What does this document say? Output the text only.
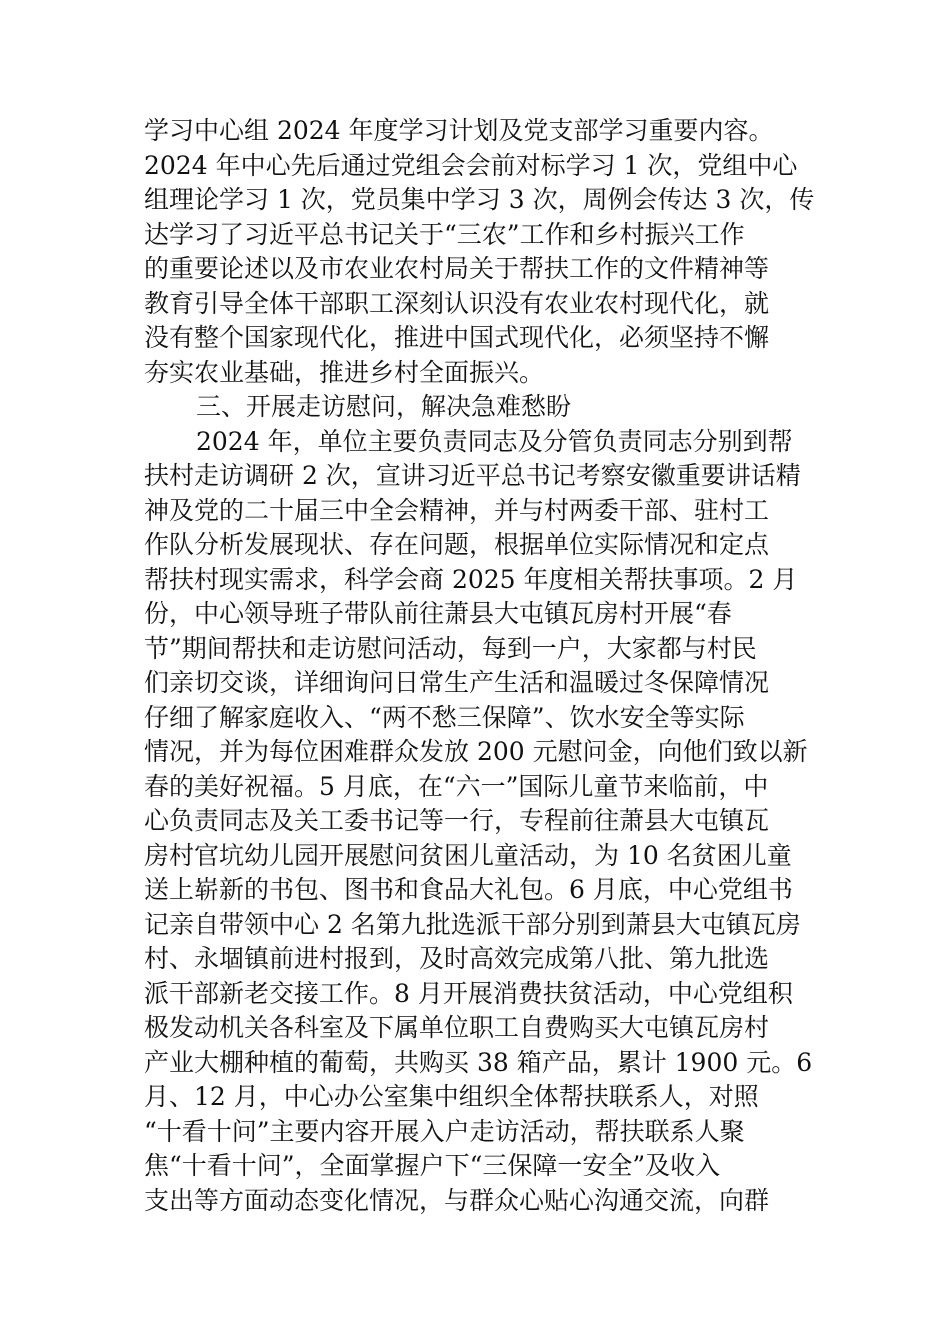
学习中心组 2024 年度学习计划及党支部学习重要内容。
2024 年中心先后通过党组会会前对标学习 1 次，党组中心
组理论学习 1 次，党员集中学习 3 次，周例会传达 3 次，传
达学习了习近平总书记关于“三农”工作和乡村振兴工作
的重要论述以及市农业农村局关于帮扶工作的文件精神等
教育引导全体干部职工深刻认识没有农业农村现代化，就
没有整个国家现代化，推进中国式现代化，必须坚持不懈
夯实农业基础，推进乡村全面振兴。
三、开展走访慰问，解决急难愁盼
2024 年，单位主要负责同志及分管负责同志分别到帮
扶村走访调研 2 次，宣讲习近平总书记考察安徽重要讲话精
神及党的二十届三中全会精神，并与村两委干部、驻村工
作队分析发展现状、存在问题，根据单位实际情况和定点
帮扶村现实需求，科学会商 2025 年度相关帮扶事项。2 月
份，中心领导班子带队前往萧县大屯镇瓦房村开展“春
节”期间帮扶和走访慰问活动，每到一户，大家都与村民
们亲切交谈，详细询问日常生产生活和温暖过冬保障情况
仔细了解家庭收入、“两不愁三保障”、饮水安全等实际
情况，并为每位困难群众发放 200 元慰问金，向他们致以新
春的美好祝福。5 月底，在“六一”国际儿童节来临前，中
心负责同志及关工委书记等一行，专程前往萧县大屯镇瓦
房村官坑幼儿园开展慰问贫困儿童活动，为 10 名贫困儿童
送上崭新的书包、图书和食品大礼包。6 月底，中心党组书
记亲自带领中心 2 名第九批选派干部分别到萧县大屯镇瓦房
村、永堌镇前进村报到，及时高效完成第八批、第九批选
派干部新老交接工作。8 月开展消费扶贫活动，中心党组积
极发动机关各科室及下属单位职工自费购买大屯镇瓦房村
产业大棚种植的葡萄，共购买 38 箱产品，累计 1900 元。6
月、12 月，中心办公室集中组织全体帮扶联系人，对照
“十看十问”主要内容开展入户走访活动，帮扶联系人聚
焦“十看十问”，全面掌握户下“三保障一安全”及收入
支出等方面动态变化情况，与群众心贴心沟通交流，向群
